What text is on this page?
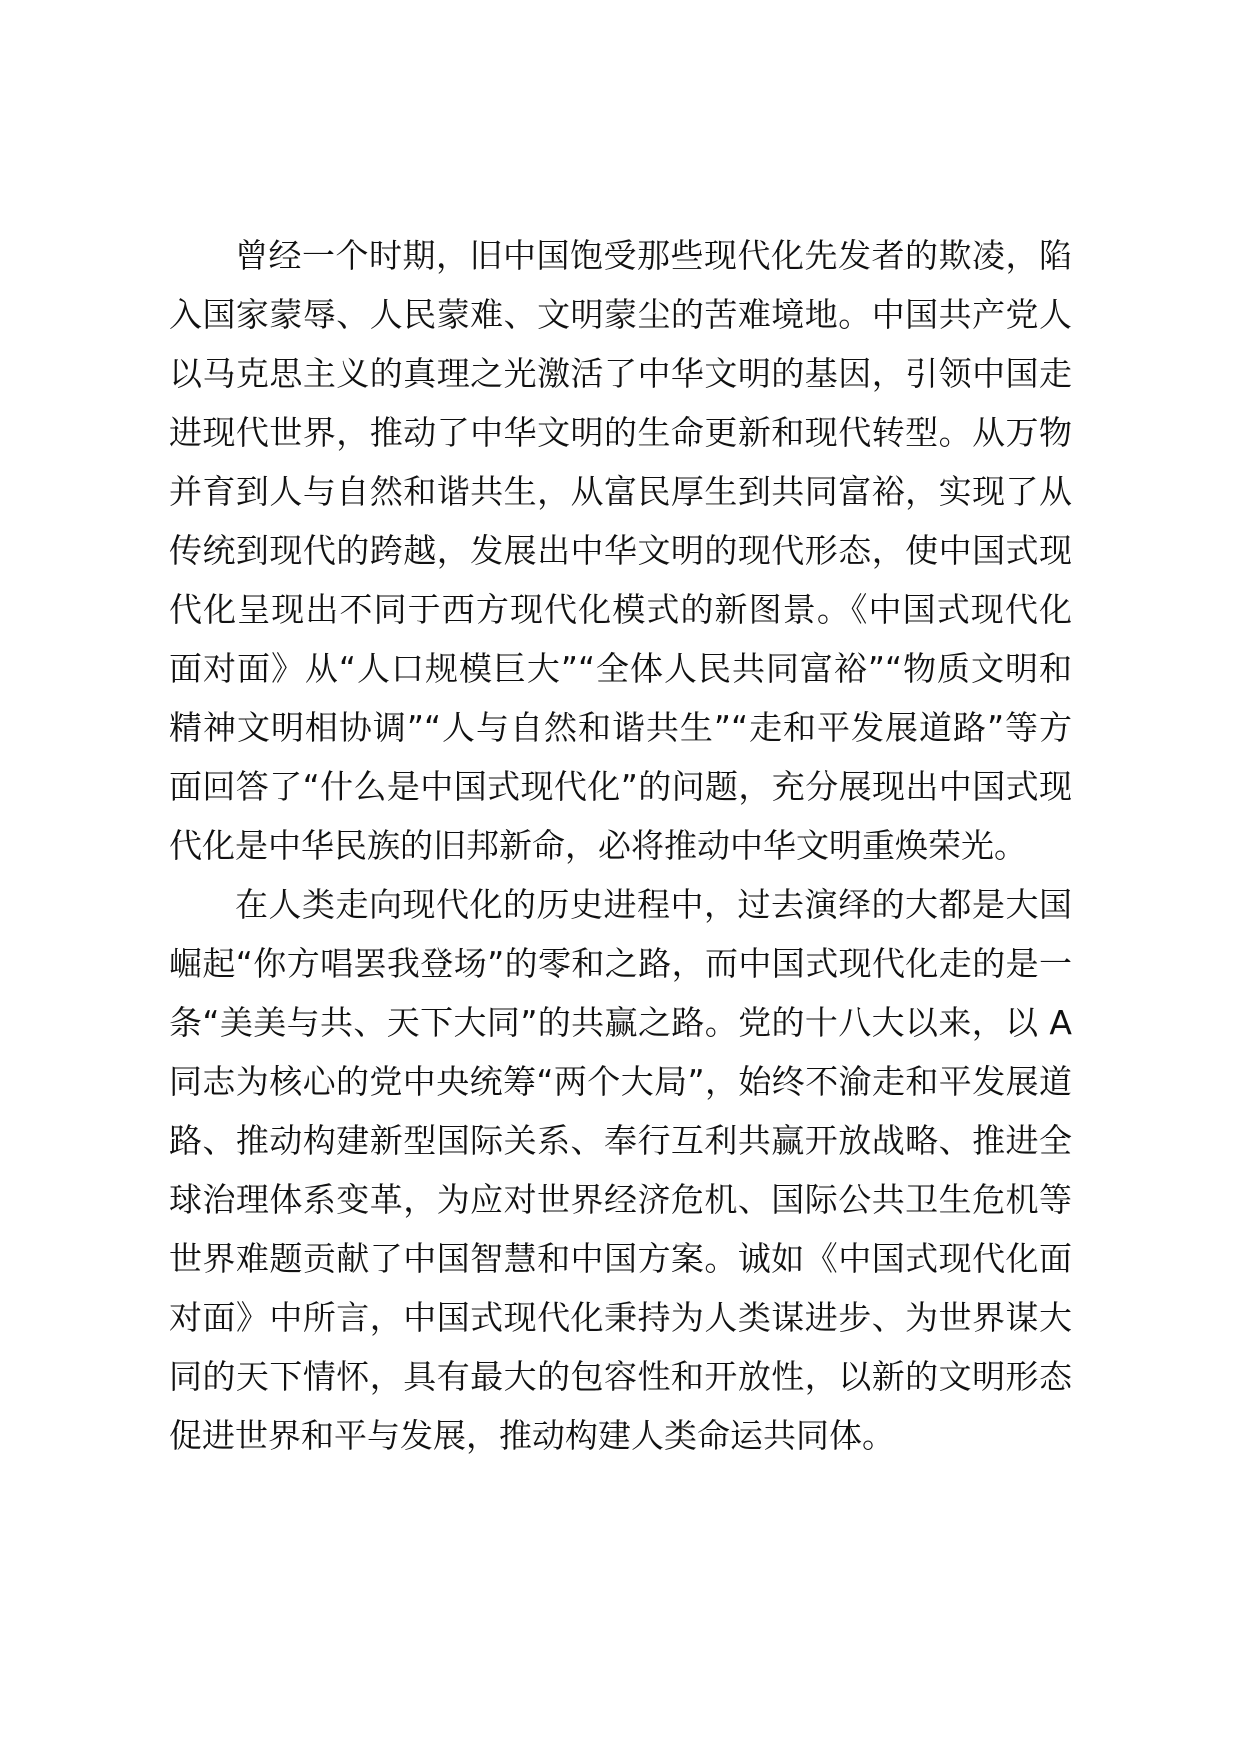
曾经一个时期，旧中国饱受那些现代化先发者的欺凌，陷
入国家蒙辱、人民蒙难、文明蒙尘的苦难境地。中国共产党人
以马克思主义的真理之光激活了中华文明的基因，引领中国走
进现代世界，推动了中华文明的生命更新和现代转型。从万物
并育到人与自然和谐共生，从富民厚生到共同富裕，实现了从
传统到现代的跨越，发展出中华文明的现代形态，使中国式现
代化呈现出不同于西方现代化模式的新图景。《中国式现代化
面对面》从“人口规模巨大”“全体人民共同富裕”“物质文明和
精神文明相协调”“人与自然和谐共生”“走和平发展道路”等方
面回答了“什么是中国式现代化”的问题，充分展现出中国式现
代化是中华民族的旧邦新命，必将推动中华文明重焕荣光。
在人类走向现代化的历史进程中，过去演绎的大都是大国
崛起“你方唱罢我登场”的零和之路，而中国式现代化走的是一
条“美美与共、天下大同”的共赢之路。党的十八大以来，以 A
同志为核心的党中央统筹“两个大局”，始终不渝走和平发展道
路、推动构建新型国际关系、奉行互利共赢开放战略、推进全
球治理体系变革，为应对世界经济危机、国际公共卫生危机等
世界难题贡献了中国智慧和中国方案。诚如《中国式现代化面
对面》中所言，中国式现代化秉持为人类谋进步、为世界谋大
同的天下情怀，具有最大的包容性和开放性，以新的文明形态
促进世界和平与发展，推动构建人类命运共同体。
